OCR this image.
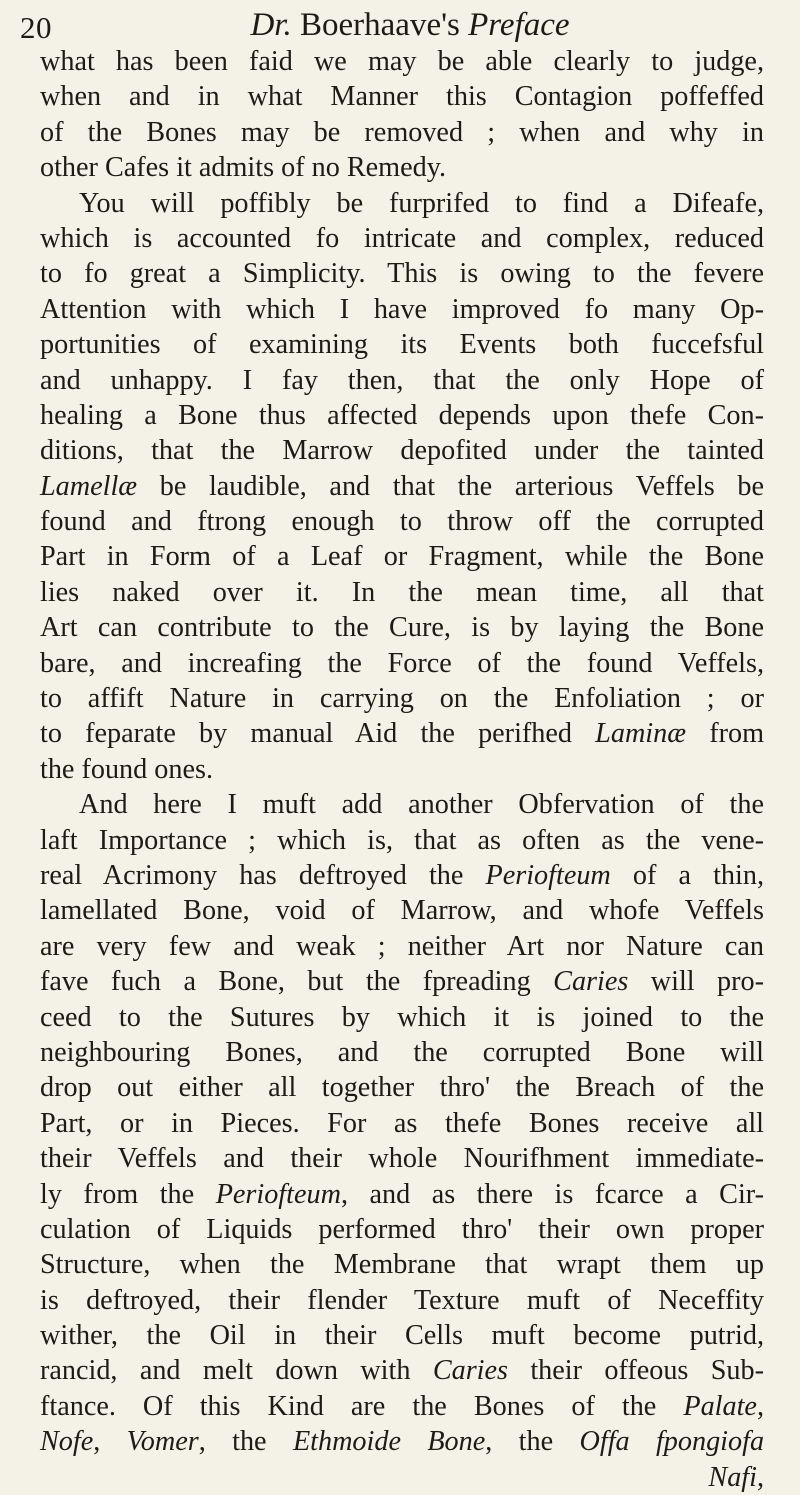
20	Dr. Boerhaave's Preface
what has been faid we may be able clearly to judge,
when and in what Manner this Contagion poffeffed
of the Bones may be removed ; when and why in
other Cafes it admits of no Remedy.
You will poffibly be furprifed to find a Difeafe,
which is accounted fo intricate and complex, reduced
to fo great a Simplicity. This is owing to the fevere
Attention with which I have improved fo many Op-
portunities of examining its Events both fuccefsful
and unhappy. I fay then, that the only Hope of
healing a Bone thus affected depends upon thefe Con-
ditions, that the Marrow depofited under the tainted
Lamellæ be laudible, and that the arterious Veffels be
found and ftrong enough to throw off the corrupted
Part in Form of a Leaf or Fragment, while the Bone
lies naked over it. In the mean time, all that
Art can contribute to the Cure, is by laying the Bone
bare, and increafing the Force of the found Veffels,
to affift Nature in carrying on the Enfoliation ; or
to feparate by manual Aid the perifhed Laminæ from
the found ones.
And here I muft add another Obfervation of the
laft Importance ; which is, that as often as the vene-
real Acrimony has deftroyed the Periofteum of a thin,
lamellated Bone, void of Marrow, and whofe Veffels
are very few and weak ; neither Art nor Nature can
fave fuch a Bone, but the fpreading Caries will pro-
ceed to the Sutures by which it is joined to the
neighbouring Bones, and the corrupted Bone will
drop out either all together thro' the Breach of the
Part, or in Pieces. For as thefe Bones receive all
their Veffels and their whole Nourifhment immediate-
ly from the Periofteum, and as there is fcarce a Cir-
culation of Liquids performed thro' their own proper
Structure, when the Membrane that wrapt them up
is deftroyed, their flender Texture muft of Neceffity
wither, the Oil in their Cells muft become putrid,
rancid, and melt down with Caries their offeous Sub-
ftance. Of this Kind are the Bones of the Palate,
Nofe, Vomer, the Ethmoide Bone, the Offa fpongiofa
Nafi,
